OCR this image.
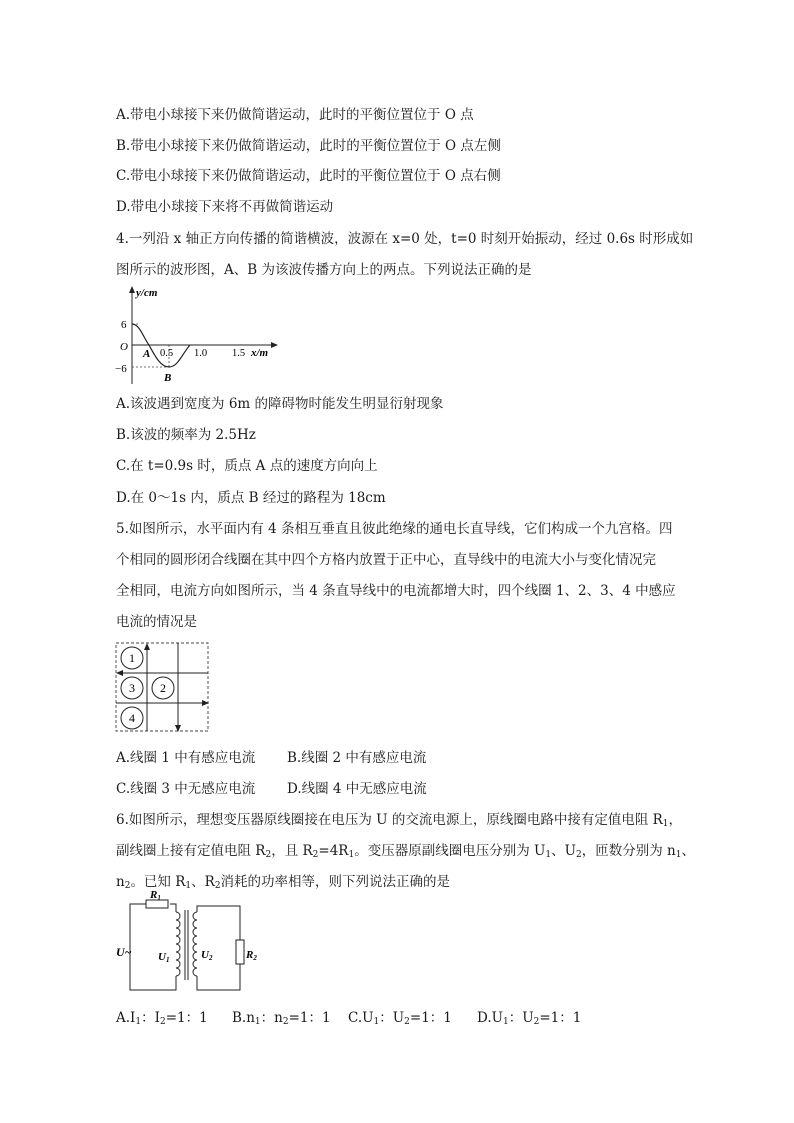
A.带电小球接下来仍做简谐运动，此时的平衡位置位于 O 点
B.带电小球接下来仍做简谐运动，此时的平衡位置位于 O 点左侧
C.带电小球接下来仍做简谐运动，此时的平衡位置位于 O 点右侧
D.带电小球接下来将不再做简谐运动
4.一列沿 x 轴正方向传播的简谐横波，波源在 x=0 处，t=0 时刻开始振动，经过 0.6s 时形成如
图所示的波形图，A、B 为该波传播方向上的两点。下列说法正确的是
y/cm
6
O
−6
A 0.5 1.0 1.5 x/m
B
A.该波遇到宽度为 6m 的障碍物时能发生明显衍射现象
B.该波的频率为 2.5Hz
C.在 t=0.9s 时，质点 A 点的速度方向向上
D.在 0～1s 内，质点 B 经过的路程为 18cm
5.如图所示，水平面内有 4 条相互垂直且彼此绝缘的通电长直导线，它们构成一个九宫格。四
个相同的圆形闭合线圈在其中四个方格内放置于正中心，直导线中的电流大小与变化情况完
全相同，电流方向如图所示，当 4 条直导线中的电流都增大时，四个线圈 1、2、3、4 中感应
电流的情况是
1
3 2
4
A.线圈 1 中有感应电流 B.线圈 2 中有感应电流
C.线圈 3 中无感应电流 D.线圈 4 中无感应电流
6.如图所示，理想变压器原线圈接在电压为 U 的交流电源上，原线圈电路中接有定值电阻 $R_1$，
副线圈上接有定值电阻 $R_2$，且 $R_2=4R_1$。变压器原副线圈电压分别为 $U_1$、$U_2$，匝数分别为 $n_1$、
$n_2$。已知 $R_1$、$R_2$消耗的功率相等，则下列说法正确的是
R1
R2
U~ U1	U2
$A.I_1$：$I_2=1$：1 $B.n_1$：$n_2=1$：1 $C.U_1$：$U_2=1$：1 $D.U_1$：$U_2=1$：1
